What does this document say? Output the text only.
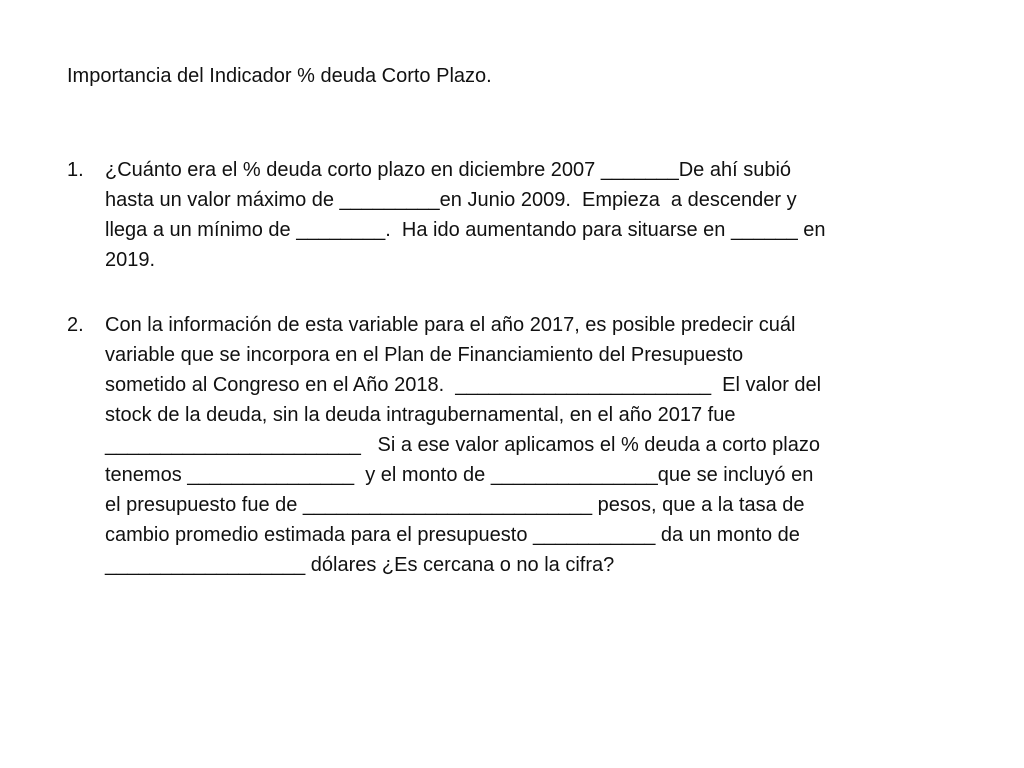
Importancia del Indicador % deuda Corto Plazo.
1. ¿Cuánto era el % deuda corto plazo en diciembre 2007 _______De ahí subió
hasta un valor máximo de _________en Junio 2009.  Empieza  a descender y
llega a un mínimo de ________.  Ha ido aumentando para situarse en ______ en
2019.
2. Con la información de esta variable para el año 2017, es posible predecir cuál
variable que se incorpora en el Plan de Financiamiento del Presupuesto
sometido al Congreso en el Año 2018.  _______________________  El valor del
stock de la deuda, sin la deuda intragubernamental, en el año 2017 fue
_______________________   Si a ese valor aplicamos el % deuda a corto plazo
tenemos _______________  y el monto de _______________que se incluyó en
el presupuesto fue de __________________________ pesos, que a la tasa de
cambio promedio estimada para el presupuesto ___________ da un monto de
__________________ dólares ¿Es cercana o no la cifra?
